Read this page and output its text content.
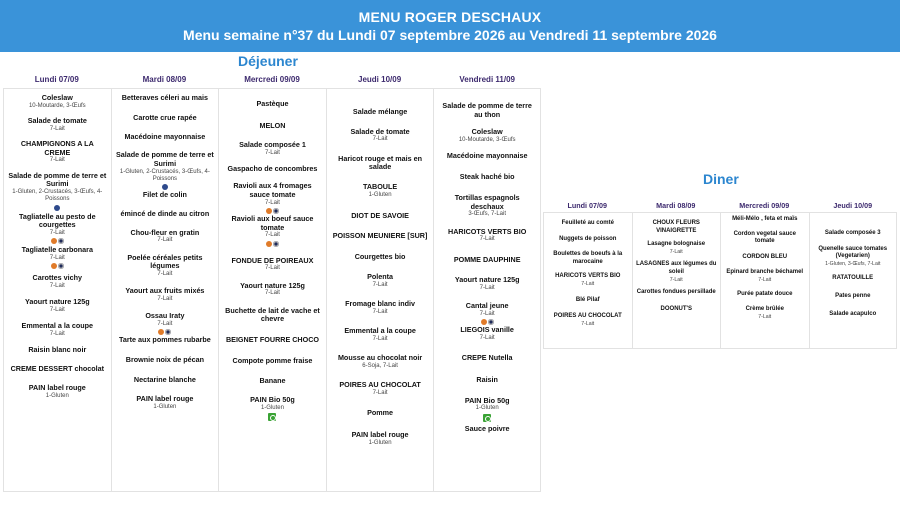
MENU ROGER DESCHAUX
Menu semaine n°37 du Lundi 07 septembre 2026 au Vendredi 11 septembre 2026
Déjeuner
Lundi 07/09
Coleslaw
10-Moutarde, 3-Œufs
Salade de tomate
7-Lait
CHAMPIGNONS A LA CREME
7-Lait
Salade de pomme de terre et Surimi
1-Gluten, 2-Crustacés, 3-Œufs, 4-Poissons
Tagliatelle au pesto de courgettes
7-Lait
Tagliatelle carbonara
7-Lait
Carottes vichy
7-Lait
Yaourt nature 125g
7-Lait
Emmental a la coupe
7-Lait
Raisin blanc noir
CREME DESSERT chocolat
PAIN label rouge
1-Gluten
Mardi 08/09
Betteraves céleri au mais
Carotte crue rapée
Macédoine mayonnaise
Salade de pomme de terre et Surimi
1-Gluten, 2-Crustacés, 3-Œufs, 4-Poissons
Filet de colin
émincé de dinde au citron
Chou-fleur en gratin
7-Lait
Poelée céréales petits légumes
7-Lait
Yaourt aux fruits mixés
7-Lait
Ossau Iraty
7-Lait
Tarte aux pommes rubarbe
Brownie noix de pécan
Nectarine blanche
PAIN label rouge
1-Gluten
Mercredi 09/09
Pastèque
MELON
Salade composée 1
7-Lait
Gaspacho de concombres
Ravioli aux 4 fromages sauce tomate
7-Lait
Ravioli aux boeuf sauce tomate
7-Lait
FONDUE DE POIREAUX
7-Lait
Yaourt nature 125g
7-Lait
Buchette de lait de vache et chevre
BEIGNET FOURRE CHOCO
Compote pomme fraise
Banane
PAIN Bio 50g
1-Gluten
Jeudi 10/09
Salade mélange
Salade de tomate
7-Lait
Haricot rouge et mais en salade
TABOULE
1-Gluten
DIOT DE SAVOIE
POISSON MEUNIERE [SUR]
Courgettes bio
Polenta
7-Lait
Fromage blanc indiv
7-Lait
Emmental a la coupe
7-Lait
Mousse au chocolat noir
6-Soja, 7-Lait
POIRES AU CHOCOLAT
7-Lait
Pomme
PAIN label rouge
1-Gluten
Vendredi 11/09
Salade de pomme de terre au thon
Coleslaw
10-Moutarde, 3-Œufs
Macédoine mayonnaise
Steak haché bio
Tortillas espagnols deschaux
3-Œufs, 7-Lait
HARICOTS VERTS BIO
7-Lait
POMME DAUPHINE
Yaourt nature 125g
7-Lait
Cantal jeune
7-Lait
LIEGOIS vanille
7-Lait
CREPE Nutella
Raisin
PAIN Bio 50g
1-Gluten
Sauce poivre
Diner
Lundi 07/09
Feuilleté au comté
Nuggets de poisson
Boulettes de boeufs à la marocaine
HARICOTS VERTS BIO
7-Lait
Blé Pilaf
POIRES AU CHOCOLAT
7-Lait
Mardi 08/09
CHOUX FLEURS VINAIGRETTE
Lasagne bolognaise
7-Lait
LASAGNES aux légumes du soleil
7-Lait
Carottes fondues persillade
DOONUT'S
Mercredi 09/09
Méli-Mélo , feta et maïs
Cordon vegetal sauce tomate
CORDON BLEU
Epinard branche béchamel
7-Lait
Purée patate douce
Crème brûlée
7-Lait
Jeudi 10/09
Salade composée 3
Quenelle sauce tomates (Vegetarien)
1-Gluten, 3-Œufs, 7-Lait
RATATOUILLE
Pates penne
Salade acapulco
